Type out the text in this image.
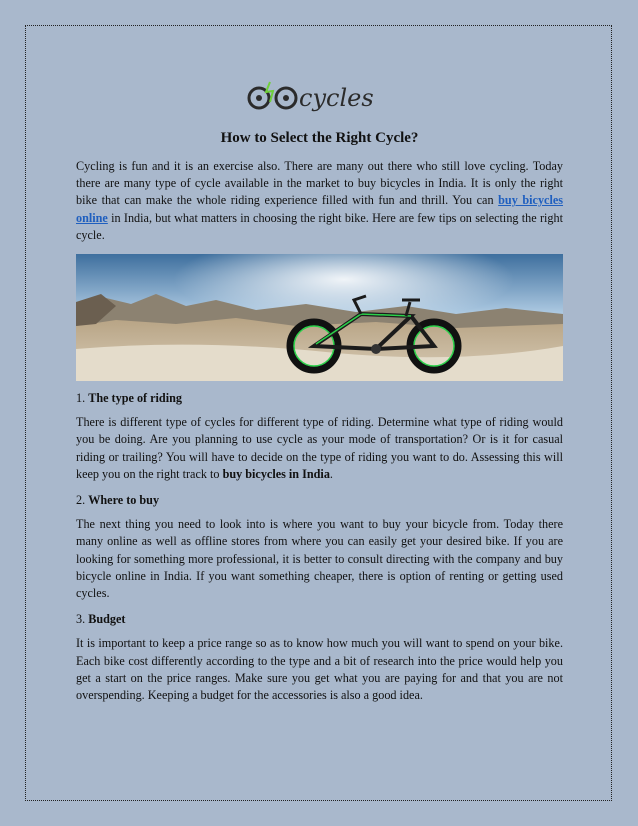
cycles
How to Select the Right Cycle?

Cycling is fun and it is an exercise also. There are many out there who still love cycling. Today there are many type of cycle available in the market to buy bicycles in India. It is only the right bike that can make the whole riding experience filled with fun and thrill. You can buy bicycles online in India, but what matters in choosing the right bike. Here are few tips on selecting the right cycle.

1. The type of riding

There is different type of cycles for different type of riding. Determine what type of riding would you be doing. Are you planning to use cycle as your mode of transportation? Or is it for casual riding or trailing? You will have to decide on the type of riding you want to do. Assessing this will keep you on the right track to buy bicycles in India.

2. Where to buy

The next thing you need to look into is where you want to buy your bicycle from. Today there many online as well as offline stores from where you can easily get your desired bike. If you are looking for something more professional, it is better to consult directing with the company and buy bicycle online in India. If you want something cheaper, there is option of renting or getting used cycles.

3. Budget

It is important to keep a price range so as to know how much you will want to spend on your bike. Each bike cost differently according to the type and a bit of research into the price would help you get a start on the price ranges. Make sure you get what you are paying for and that you are not overspending. Keeping a budget for the accessories is also a good idea.
